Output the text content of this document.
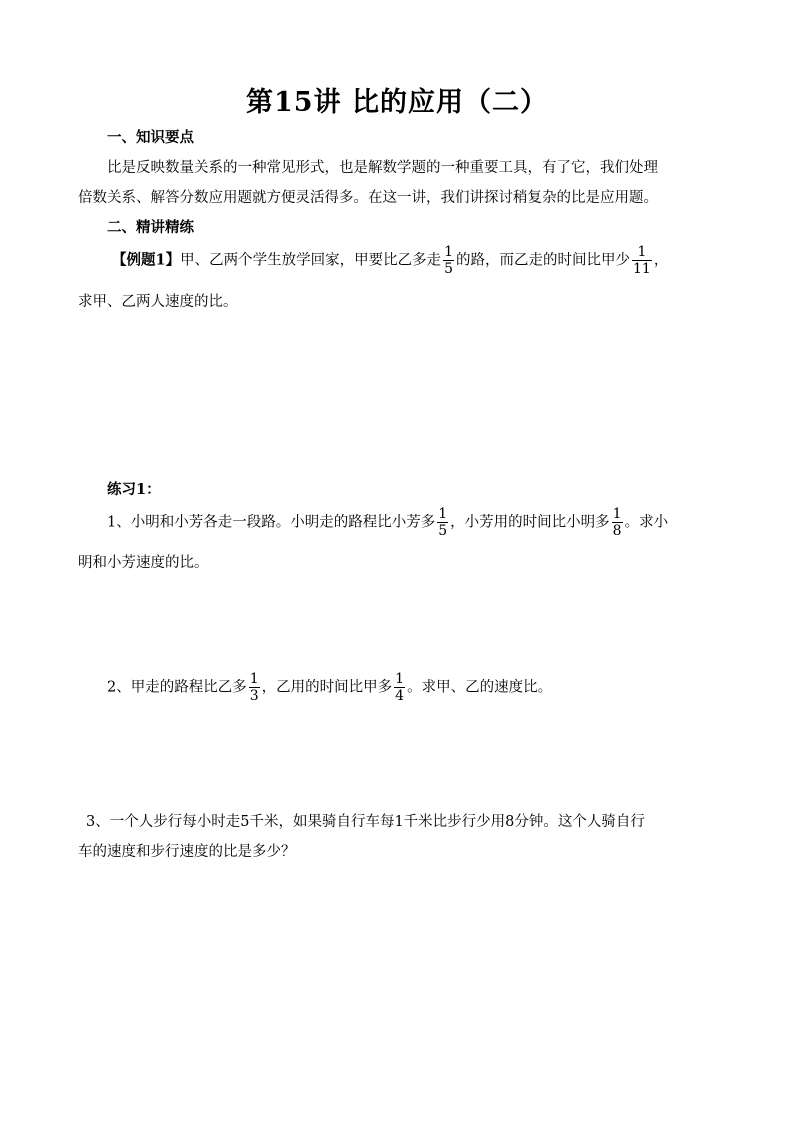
第15讲 比的应用（二）
一、知识要点
比是反映数量关系的一种常见形式，也是解数学题的一种重要工具，有了它，我们处理
倍数关系、解答分数应用题就方便灵活得多。在这一讲，我们讲探讨稍复杂的比是应用题。
二、精讲精练
【例题1】甲、乙两个学生放学回家，甲要比乙多走 $\frac{1}{5}$ 的路，而乙走的时间比甲少 $\frac{1}{11}$ ，
求甲、乙两人速度的比。
练习1：
1、小明和小芳各走一段路。小明走的路程比小芳多 $\frac{1}{5}$ ，小芳用的时间比小明多 $\frac{1}{8}$ 。求小
明和小芳速度的比。
2、甲走的路程比乙多 $\frac{1}{3}$ ，乙用的时间比甲多 $\frac{1}{4}$ 。求甲、乙的速度比。
3、一个人步行每小时走5千米，如果骑自行车每1千米比步行少用8分钟。这个人骑自行
车的速度和步行速度的比是多少？
